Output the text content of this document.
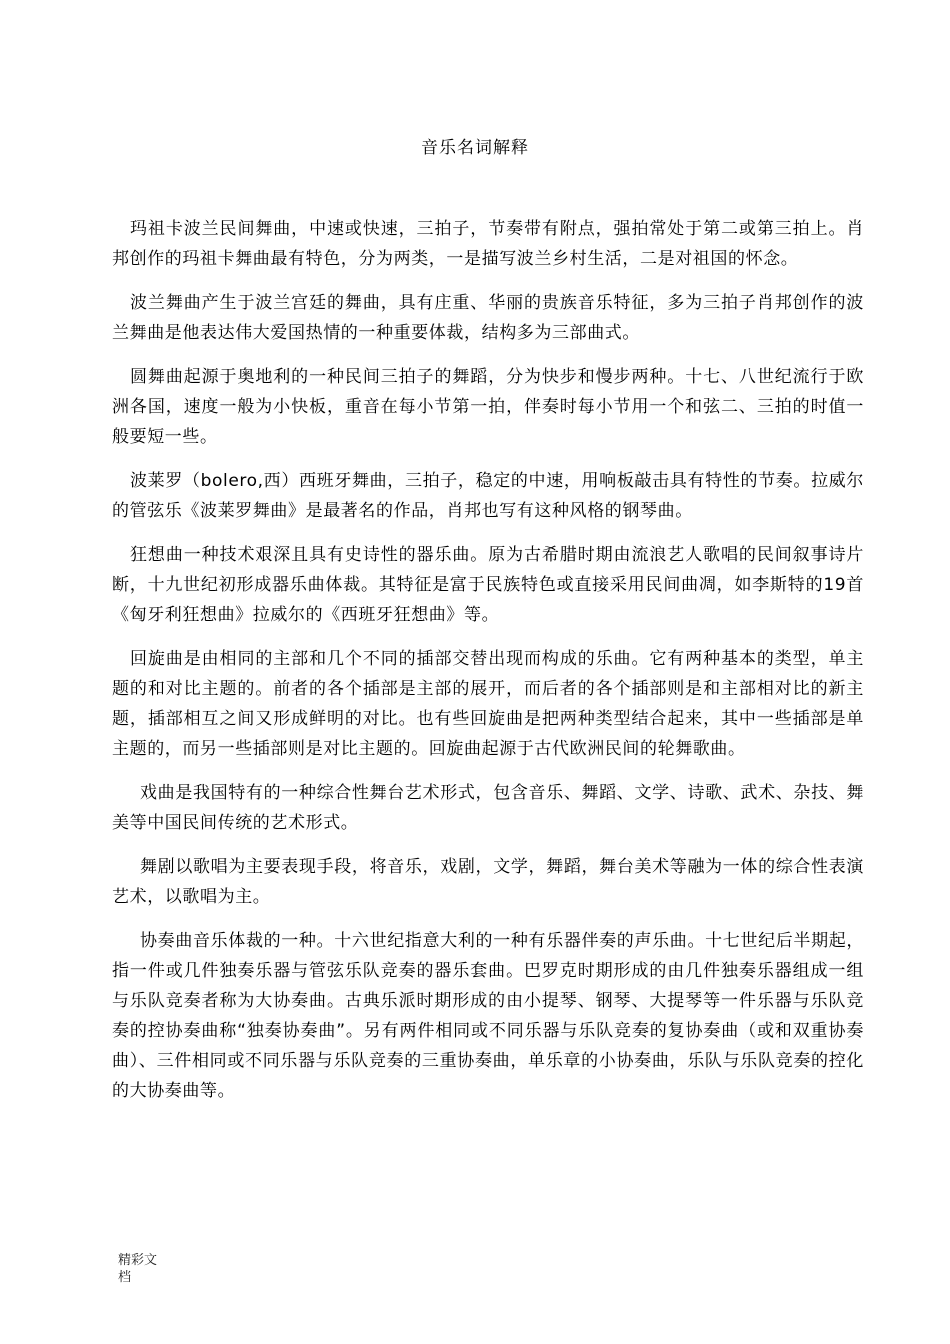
音乐名词解释

玛祖卡波兰民间舞曲，中速或快速，三拍子，节奏带有附点，强拍常处于第二或第三拍上。肖邦创作的玛祖卡舞曲最有特色，分为两类，一是描写波兰乡村生活，二是对祖国的怀念。

波兰舞曲产生于波兰宫廷的舞曲，具有庄重、华丽的贵族音乐特征，多为三拍子肖邦创作的波兰舞曲是他表达伟大爱国热情的一种重要体裁，结构多为三部曲式。

圆舞曲起源于奥地利的一种民间三拍子的舞蹈，分为快步和慢步两种。十七、八世纪流行于欧洲各国，速度一般为小快板，重音在每小节第一拍，伴奏时每小节用一个和弦二、三拍的时值一般要短一些。

波莱罗（bolero,西）西班牙舞曲，三拍子，稳定的中速，用响板敲击具有特性的节奏。拉威尔的管弦乐《波莱罗舞曲》是最著名的作品，肖邦也写有这种风格的钢琴曲。

狂想曲一种技术艰深且具有史诗性的器乐曲。原为古希腊时期由流浪艺人歌唱的民间叙事诗片断，十九世纪初形成器乐曲体裁。其特征是富于民族特色或直接采用民间曲凋，如李斯特的19首《匈牙利狂想曲》拉威尔的《西班牙狂想曲》等。

回旋曲是由相同的主部和几个不同的插部交替出现而构成的乐曲。它有两种基本的类型，单主题的和对比主题的。前者的各个插部是主部的展开，而后者的各个插部则是和主部相对比的新主题，插部相互之间又形成鲜明的对比。也有些回旋曲是把两种类型结合起来，其中一些插部是单主题的，而另一些插部则是对比主题的。回旋曲起源于古代欧洲民间的轮舞歌曲。

戏曲是我国特有的一种综合性舞台艺术形式，包含音乐、舞蹈、文学、诗歌、武术、杂技、舞美等中国民间传统的艺术形式。

舞剧以歌唱为主要表现手段，将音乐，戏剧，文学，舞蹈，舞台美术等融为一体的综合性表演艺术，以歌唱为主。

协奏曲音乐体裁的一种。十六世纪指意大利的一种有乐器伴奏的声乐曲。十七世纪后半期起，指一件或几件独奏乐器与管弦乐队竞奏的器乐套曲。巴罗克时期形成的由几件独奏乐器组成一组与乐队竞奏者称为大协奏曲。古典乐派时期形成的由小提琴、钢琴、大提琴等一件乐器与乐队竞奏的控协奏曲称“独奏协奏曲”。另有两件相同或不同乐器与乐队竞奏的复协奏曲（或和双重协奏曲）、三件相同或不同乐器与乐队竞奏的三重协奏曲，单乐章的小协奏曲，乐队与乐队竞奏的控化的大协奏曲等。

精彩文
档
